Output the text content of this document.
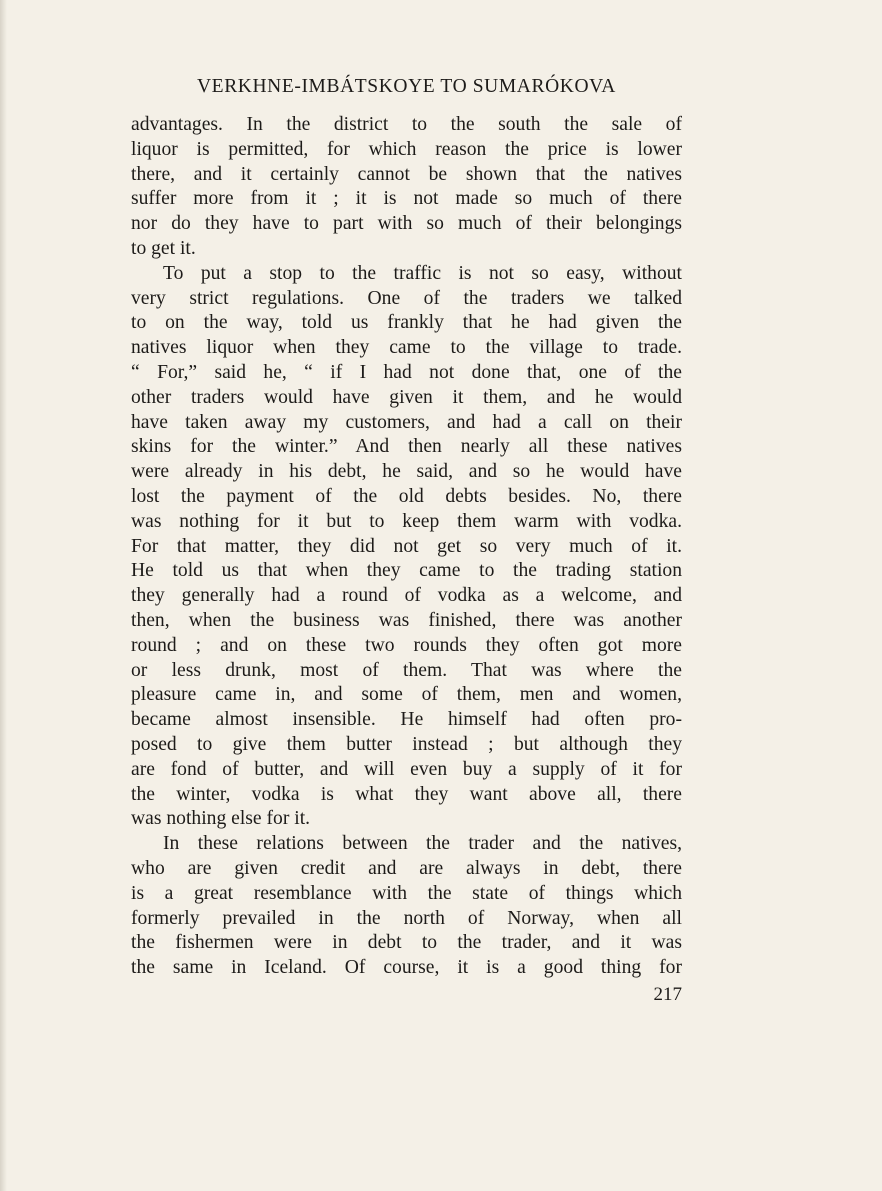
VERKHNE-IMBÁTSKOYE TO SUMARÓKOVA
advantages. In the district to the south the sale of
liquor is permitted, for which reason the price is lower
there, and it certainly cannot be shown that the natives
suffer more from it ; it is not made so much of there
nor do they have to part with so much of their belongings
to get it.
To put a stop to the traffic is not so easy, without
very strict regulations. One of the traders we talked
to on the way, told us frankly that he had given the
natives liquor when they came to the village to trade.
“ For,” said he, “ if I had not done that, one of the
other traders would have given it them, and he would
have taken away my customers, and had a call on their
skins for the winter.” And then nearly all these natives
were already in his debt, he said, and so he would have
lost the payment of the old debts besides. No, there
was nothing for it but to keep them warm with vodka.
For that matter, they did not get so very much of it.
He told us that when they came to the trading station
they generally had a round of vodka as a welcome, and
then, when the business was finished, there was another
round ; and on these two rounds they often got more
or less drunk, most of them. That was where the
pleasure came in, and some of them, men and women,
became almost insensible. He himself had often pro-
posed to give them butter instead ; but although they
are fond of butter, and will even buy a supply of it for
the winter, vodka is what they want above all, there
was nothing else for it.
In these relations between the trader and the natives,
who are given credit and are always in debt, there
is a great resemblance with the state of things which
formerly prevailed in the north of Norway, when all
the fishermen were in debt to the trader, and it was
the same in Iceland. Of course, it is a good thing for
217
